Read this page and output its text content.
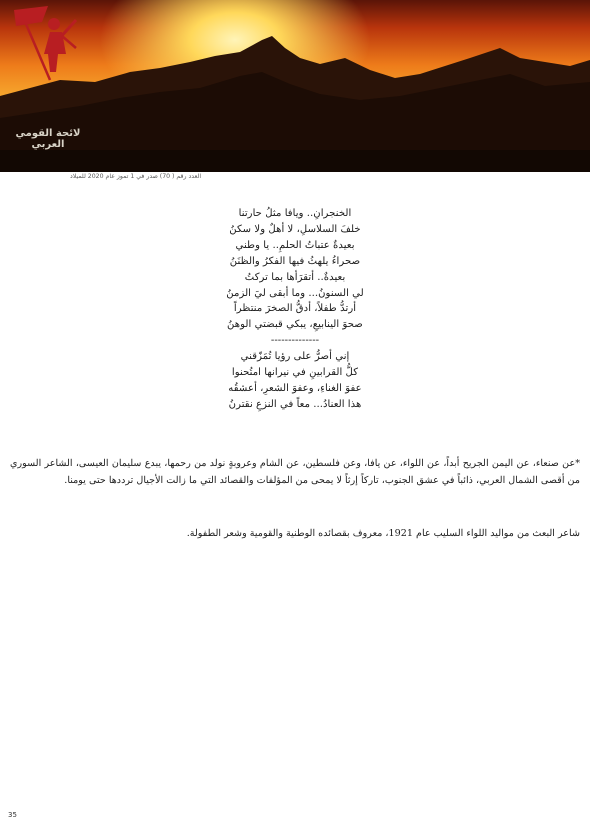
لائحة القومي العربي
العدد رقم ( 70) صدر في 1 تموز عام 2020 للميلاد
الخنجرانِ.. ويافا مثلُ حارتنا
خلفَ السلاسلِ، لا أهلٌ ولا سكنُ
بعيدةٌ عتباتُ الحلمِ.. يا وطني
صحراءُ يلهثُ فيها الفكرُ والظنَنُ
بعيدةٌ.. أتقرَأها بما تركتُ
لي السنونُ... وما أبقى ليَ الزمنُ
أرتدُّ طفلاً، أدقُّ الصخرَ منتظراً
صحوَ الينابيعِ، يبكي قبضتي الوهنُ
--------------
إني أصرُّ على رؤيا تُمَزّقني
كلُّ القرابينِ في نيرانها امتُحنوا
عفوَ الغناءِ، وعفوَ الشعرِ، أعشقُه
هذا العنادُ... معاً في النزعِ نقترنُ
*عن صنعاء، عن اليمن الجريح أبداً، عن اللواء، عن يافا، وعن فلسطين، عن الشام وعروبةٍ نولد من رحمها، يبدع سليمان العيسى، الشاعر السوري من أقصى الشمال العربي، ذائباً في عشق الجنوب، تاركاً إرثاً لا يمحى من المؤلفات والقصائد التي ما زالت الأجيال ترددها حتى يومنا.
شاعر البعث من مواليد اللواء السليب عام 1921، معروف بقصائده الوطنية والقومية وشعر الطفولة.
35
